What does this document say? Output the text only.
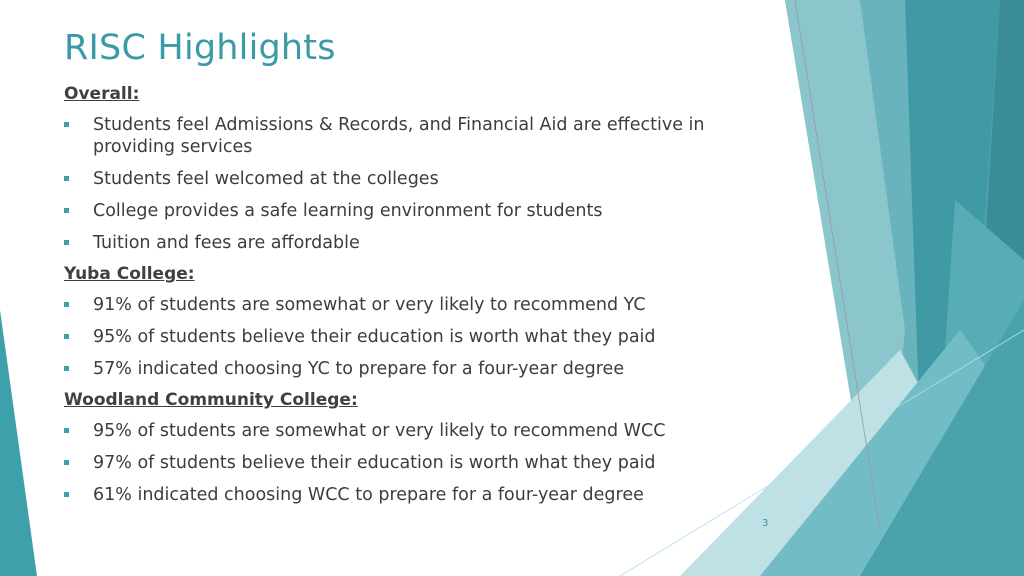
RISC Highlights
Overall:
Students feel Admissions & Records, and Financial Aid are effective in providing services
Students feel welcomed at the colleges
College provides a safe learning environment for students
Tuition and fees are affordable
Yuba College:
91% of students are somewhat or very likely to recommend YC
95% of students believe their education is worth what they paid
57% indicated choosing YC to prepare for a four-year degree
Woodland Community College:
95% of students are somewhat or very likely to recommend WCC
97% of students believe their education is worth what they paid
61% indicated choosing WCC to prepare for a four-year degree
3
